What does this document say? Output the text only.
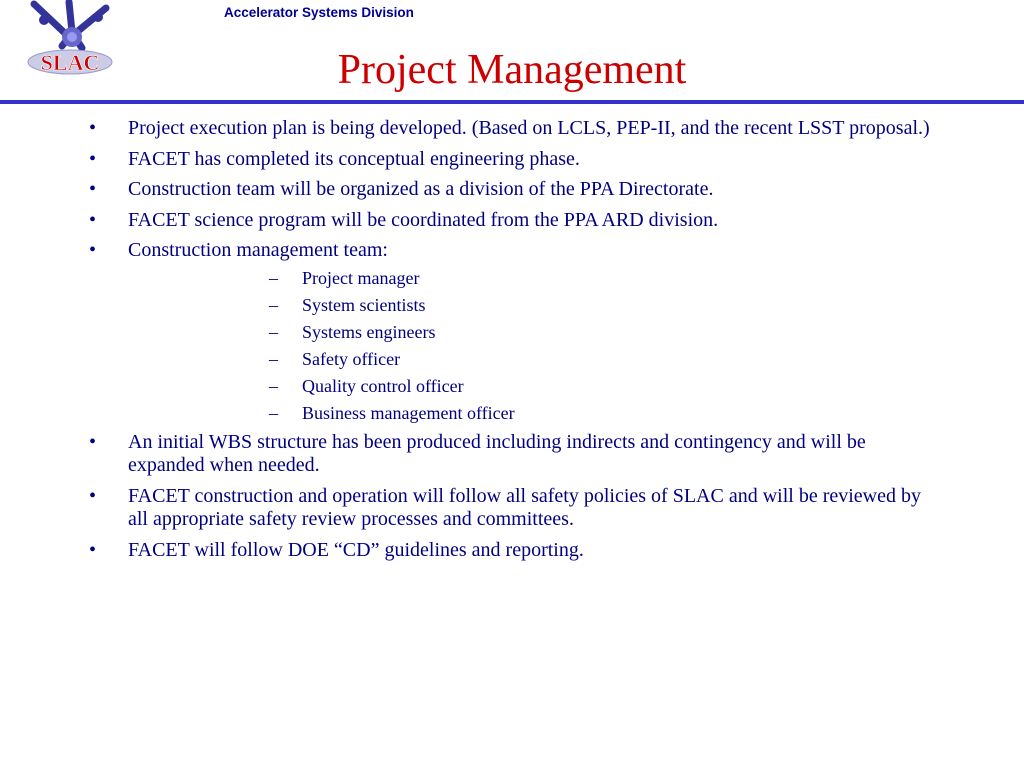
SLAC
Accelerator Systems Division
Project Management
• Project execution plan is being developed. (Based on LCLS, PEP-II, and the recent LSST proposal.)
• FACET has completed its conceptual engineering phase.
• Construction team will be organized as a division of the PPA Directorate.
• FACET science program will be coordinated from the PPA ARD division.
• Construction management team:
– Project manager
– System scientists
– Systems engineers
– Safety officer
– Quality control officer
– Business management officer
• An initial WBS structure has been produced including indirects and contingency and will be expanded when needed.
• FACET construction and operation will follow all safety policies of SLAC and will be reviewed by all appropriate safety review processes and committees.
• FACET will follow DOE “CD” guidelines and reporting.
